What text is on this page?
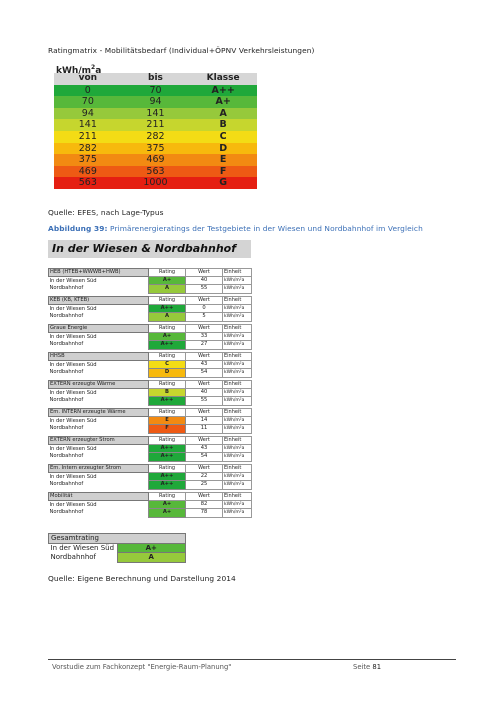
Ratingmatrix - Mobilitätsbedarf (Individual+ÖPNV Verkehrsleistungen)
kWh/$m^2a$
von	bis	Klasse
0	70	A++
70	94	A+
94	141	A
141	211	B
211	282	C
282	375	D
375	469	E
469	563	F
563	1000	G
Quelle: EFES, nach Lage-Typus
Abbildung 39: Primärenergieratings der Testgebiete in der Wiesen und Nordbahnhof im Vergleich
In der Wiesen & Nordbahnhof
HEB (HTEB+WWWB+HWB)	Rating	Wert	Einheit
In der Wiesen Süd	A+	40	kWh/m²a
Nordbahnhof	A	55	kWh/m²a
KEB (KB, KTEB)	Rating	Wert	Einheit
In der Wiesen Süd	A++	0	kWh/m²a
Nordbahnhof	A	5	kWh/m²a
Graue Energie	Rating	Wert	Einheit
In der Wiesen Süd	A+	33	kWh/m²a
Nordbahnhof	A++	27	kWh/m²a
HHSB	Rating	Wert	Einheit
In der Wiesen Süd	C	43	kWh/m²a
Nordbahnhof	D	54	kWh/m²a
EXTERN erzeugte Wärme	Rating	Wert	Einheit
In der Wiesen Süd	B	40	kWh/m²a
Nordbahnhof	A++	55	kWh/m²a
Em. INTERN erzeugte Wärme	Rating	Wert	Einheit
In der Wiesen Süd	E	14	kWh/m²a
Nordbahnhof	F	11	kWh/m²a
EXTERN erzeugter Strom	Rating	Wert	Einheit
In der Wiesen Süd	A++	43	kWh/m²a
Nordbahnhof	A++	54	kWh/m²a
Em. Intern erzeugter Strom	Rating	Wert	Einheit
In der Wiesen Süd	A++	22	kWh/m²a
Nordbahnhof	A++	25	kWh/m²a
Mobilität	Rating	Wert	Einheit
In der Wiesen Süd	A+	82	kWh/m²a
Nordbahnhof	A+	78	kWh/m²a
Gesamtrating	
In der Wiesen Süd	A+
Nordbahnhof	A
Quelle: Eigene Berechnung und Darstellung 2014
Vorstudie zum Fachkonzept "Energie-Raum-Planung"	Seite 81
